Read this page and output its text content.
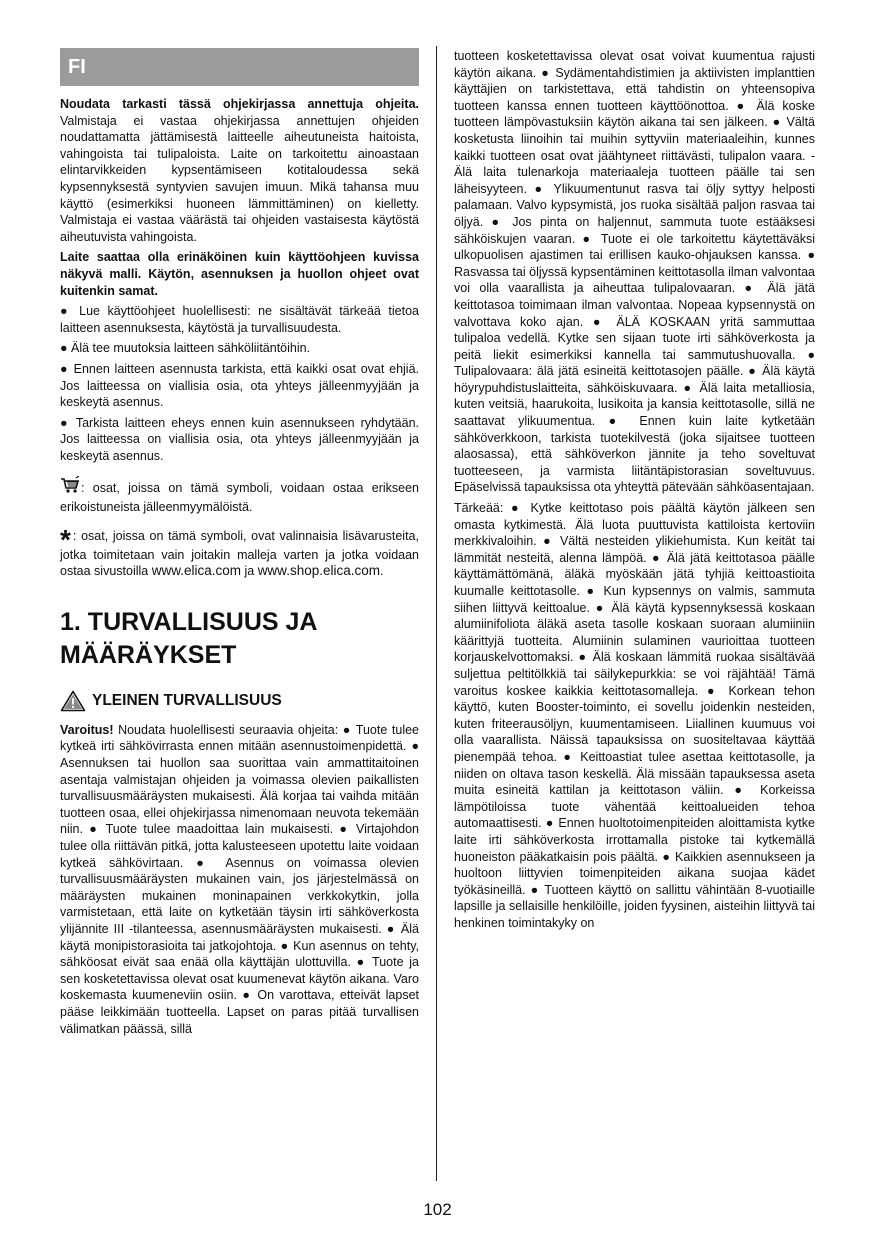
FI

Noudata tarkasti tässä ohjekirjassa annettuja ohjeita. Valmistaja ei vastaa ohjekirjassa annettujen ohjeiden noudattamatta jättämisestä laitteelle aiheutuneista haitoista, vahingoista tai tulipaloista. Laite on tarkoitettu ainoastaan elintarvikkeiden kypsentämiseen kotitaloudessa sekä kypsennyksestä syntyvien savujen imuun. Mikä tahansa muu käyttö (esimerkiksi huoneen lämmittäminen) on kielletty. Valmistaja ei vastaa väärästä tai ohjeiden vastaisesta käytöstä aiheutuvista vahingoista.

Laite saattaa olla erinäköinen kuin käyttöohjeen kuvissa näkyvä malli. Käytön, asennuksen ja huollon ohjeet ovat kuitenkin samat.

● Lue käyttöohjeet huolellisesti: ne sisältävät tärkeää tietoa laitteen asennuksesta, käytöstä ja turvallisuudesta.

● Älä tee muutoksia laitteen sähköliitäntöihin.

● Ennen laitteen asennusta tarkista, että kaikki osat ovat ehjiä. Jos laitteessa on viallisia osia, ota yhteys jälleenmyyjään ja keskeytä asennus.

● Tarkista laitteen eheys ennen kuin asennukseen ryhdytään. Jos laitteessa on viallisia osia, ota yhteys jälleenmyyjään ja keskeytä asennus.

: osat, joissa on tämä symboli, voidaan ostaa erikseen erikoistuneista jälleenmyymälöistä.

* : osat, joissa on tämä symboli, ovat valinnaisia lisävarusteita, jotka toimitetaan vain joitakin malleja varten ja jotka voidaan ostaa sivustoilla www.elica.com ja www.shop.elica.com.

1. TURVALLISUUS JA MÄÄRÄYKSET
YLEINEN TURVALLISUUS

Varoitus! Noudata huolellisesti seuraavia ohjeita: ● Tuote tulee kytkeä irti sähkövirrasta ennen mitään asennustoimenpidettä. ● Asennuksen tai huollon saa suorittaa vain ammattitaitoinen asentaja valmistajan ohjeiden ja voimassa olevien paikallisten turvallisuusmääräysten mukaisesti. Älä korjaa tai vaihda mitään tuotteen osaa, ellei ohjekirjassa nimenomaan neuvota tekemään niin. ● Tuote tulee maadoittaa lain mukaisesti. ● Virtajohdon tulee olla riittävän pitkä, jotta kalusteeseen upotettu laite voidaan kytkeä sähkövirtaan. ● Asennus on voimassa olevien turvallisuusmääräysten mukainen vain, jos järjestelmässä on määräysten mukainen moninapainen verkkokytkin, jolla varmistetaan, että laite on kytketään täysin irti sähköverkosta ylijännite III -tilanteessa, asennusmääräysten mukaisesti. ● Älä käytä monipistorasioita tai jatkojohtoja. ● Kun asennus on tehty, sähköosat eivät saa enää olla käyttäjän ulottuvilla. ● Tuote ja sen kosketettavissa olevat osat kuumenevat käytön aikana. Varo koskemasta kuumeneviin osiin. ● On varottava, etteivät lapset pääse leikkimään tuotteella. Lapset on paras pitää turvallisen välimatkan päässä, sillä

tuotteen kosketettavissa olevat osat voivat kuumentua rajusti käytön aikana. ● Sydämentahdistimien ja aktiivisten implanttien käyttäjien on tarkistettava, että tahdistin on yhteensopiva tuotteen kanssa ennen tuotteen käyttöönottoa. ● Älä koske tuotteen lämpövastuksiin käytön aikana tai sen jälkeen. ● Vältä kosketusta liinoihin tai muihin syttyviin materiaaleihin, kunnes kaikki tuotteen osat ovat jäähtyneet riittävästi, tulipalon vaara. - Älä laita tulenarkoja materiaaleja tuotteen päälle tai sen läheisyyteen. ● Ylikuumentunut rasva tai öljy syttyy helposti palamaan. Valvo kypsymistä, jos ruoka sisältää paljon rasvaa tai öljyä. ● Jos pinta on haljennut, sammuta tuote estääksesi sähköiskujen vaaran. ● Tuote ei ole tarkoitettu käytettäväksi ulkopuolisen ajastimen tai erillisen kauko-ohjauksen kanssa. ● Rasvassa tai öljyssä kypsentäminen keittotasolla ilman valvontaa voi olla vaarallista ja aiheuttaa tulipalovaaran. ● Älä jätä keittotasoa toimimaan ilman valvontaa. Nopeaa kypsennystä on valvottava koko ajan. ● ÄLÄ KOSKAAN yritä sammuttaa tulipaloa vedellä. Kytke sen sijaan tuote irti sähköverkosta ja peitä liekit esimerkiksi kannella tai sammutushuovalla. ● Tulipalovaara: älä jätä esineitä keittotasojen päälle. ● Älä käytä höyrypuhdistuslaitteita, sähköiskuvaara. ● Älä laita metalliosia, kuten veitsiä, haarukoita, lusikoita ja kansia keittotasolle, sillä ne saattavat ylikuumentua. ● Ennen kuin laite kytketään sähköverkkoon, tarkista tuotekilvestä (joka sijaitsee tuotteen alaosassa), että sähköverkon jännite ja teho soveltuvat tuotteeseen, ja varmista liitäntäpistorasian soveltuvuus. Epäselvissä tapauksissa ota yhteyttä pätevään sähköasentajaan.

Tärkeää: ● Kytke keittotaso pois päältä käytön jälkeen sen omasta kytkimestä. Älä luota puuttuvista kattiloista kertoviin merkkivaloihin. ● Vältä nesteiden ylikiehumista. Kun keität tai lämmität nesteitä, alenna lämpöä. ● Älä jätä keittotasoa päälle käyttämättömänä, äläkä myöskään jätä tyhjiä keittoastioita kuumalle keittotasolle. ● Kun kypsennys on valmis, sammuta siihen liittyvä keittoalue. ● Älä käytä kypsennyksessä koskaan alumiinifoliota äläkä aseta tasolle koskaan suoraan alumiiniin käärittyjä tuotteita. Alumiinin sulaminen vaurioittaa tuotteen korjauskelvottomaksi. ● Älä koskaan lämmitä ruokaa sisältävää suljettua peltitölkkiä tai säilykepurkkia: se voi räjähtää! Tämä varoitus koskee kaikkia keittotasomalleja. ● Korkean tehon käyttö, kuten Booster-toiminto, ei sovellu joidenkin nesteiden, kuten friteerausöljyn, kuumentamiseen. Liiallinen kuumuus voi olla vaarallista. Näissä tapauksissa on suositeltavaa käyttää pienempää tehoa. ● Keittoastiat tulee asettaa keittotasolle, ja niiden on oltava tason keskellä. Älä missään tapauksessa aseta muita esineitä kattilan ja keittotason väliin. ● Korkeissa lämpötiloissa tuote vähentää keittoalueiden tehoa automaattisesti. ● Ennen huoltotoimenpiteiden aloittamista kytke laite irti sähköverkosta irrottamalla pistoke tai kytkemällä huoneiston pääkatkaisin pois päältä. ● Kaikkien asennukseen ja huoltoon liittyvien toimenpiteiden aikana suojaa kädet työkäsineillä. ● Tuotteen käyttö on sallittu vähintään 8-vuotiaille lapsille ja sellaisille henkilöille, joiden fyysinen, aisteihin liittyvä tai henkinen toimintakyky on

102
